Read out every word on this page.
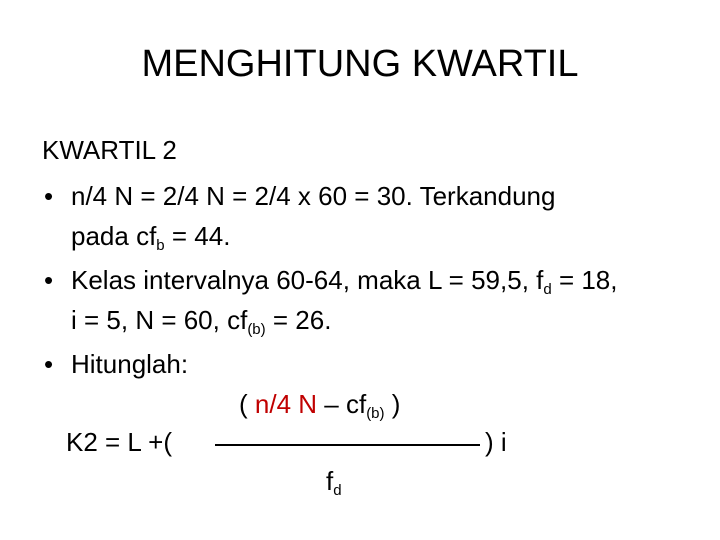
MENGHITUNG KWARTIL
KWARTIL 2
• n/4 N = 2/4 N = 2/4 x 60 = 30. Terkandung
pada $cf_b = 44$.
• Kelas intervalnya 60-64, maka L = 59,5, $f_d = 18$,
i = 5, N = 60, $cf_{(b)} = 26$.
• Hitunglah:
( n/4 N – $cf_{(b)}$ )
K2 = L +(	) i
$f_d$
